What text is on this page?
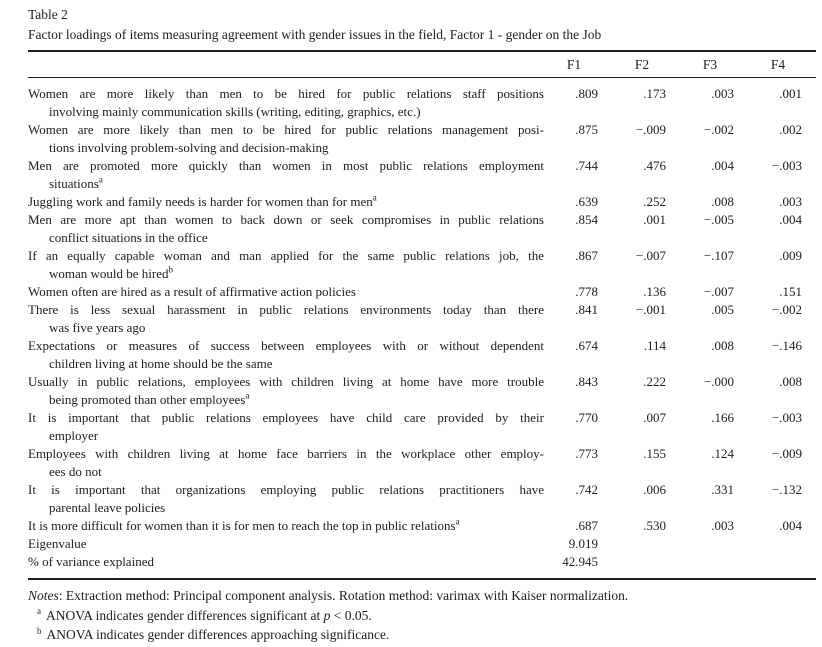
Table 2
Factor loadings of items measuring agreement with gender issues in the field, Factor 1 - gender on the Job
	F1	F2	F3	F4

Women are more likely than men to be hired for public relations staff positions
involving mainly communication skills (writing, editing, graphics, etc.)	.809	.173	.003	.001

Women are more likely than men to be hired for public relations management posi-
tions involving problem-solving and decision-making	.875	−.009	−.002	.002

Men are promoted more quickly than women in most public relations employment
situations$^a$	.744	.476	.004	−.003

Juggling work and family needs is harder for women than for men$^a$	.639	.252	.008	.003

Men are more apt than women to back down or seek compromises in public relations
conflict situations in the office	.854	.001	−.005	.004

If an equally capable woman and man applied for the same public relations job, the
woman would be hired$^b$	.867	−.007	−.107	.009

Women often are hired as a result of affirmative action policies	.778	.136	−.007	.151

There is less sexual harassment in public relations environments today than there
was five years ago	.841	−.001	.005	−.002

Expectations or measures of success between employees with or without dependent
children living at home should be the same	.674	.114	.008	−.146

Usually in public relations, employees with children living at home have more trouble
being promoted than other employees$^a$	.843	.222	−.000	.008

It is important that public relations employees have child care provided by their
employer	.770	.007	.166	−.003

Employees with children living at home face barriers in the workplace other employ-
ees do not	.773	.155	.124	−.009

It is important that organizations employing public relations practitioners have
parental leave policies	.742	.006	.331	−.132

It is more difficult for women than it is for men to reach the top in public relations$^a$	.687	.530	.003	.004

Eigenvalue	9.019			

% of variance explained	42.945			
Notes: Extraction method: Principal component analysis. Rotation method: varimax with Kaiser normalization.
$^a$ ANOVA indicates gender differences significant at p < 0.05.
$^b$ ANOVA indicates gender differences approaching significance.
